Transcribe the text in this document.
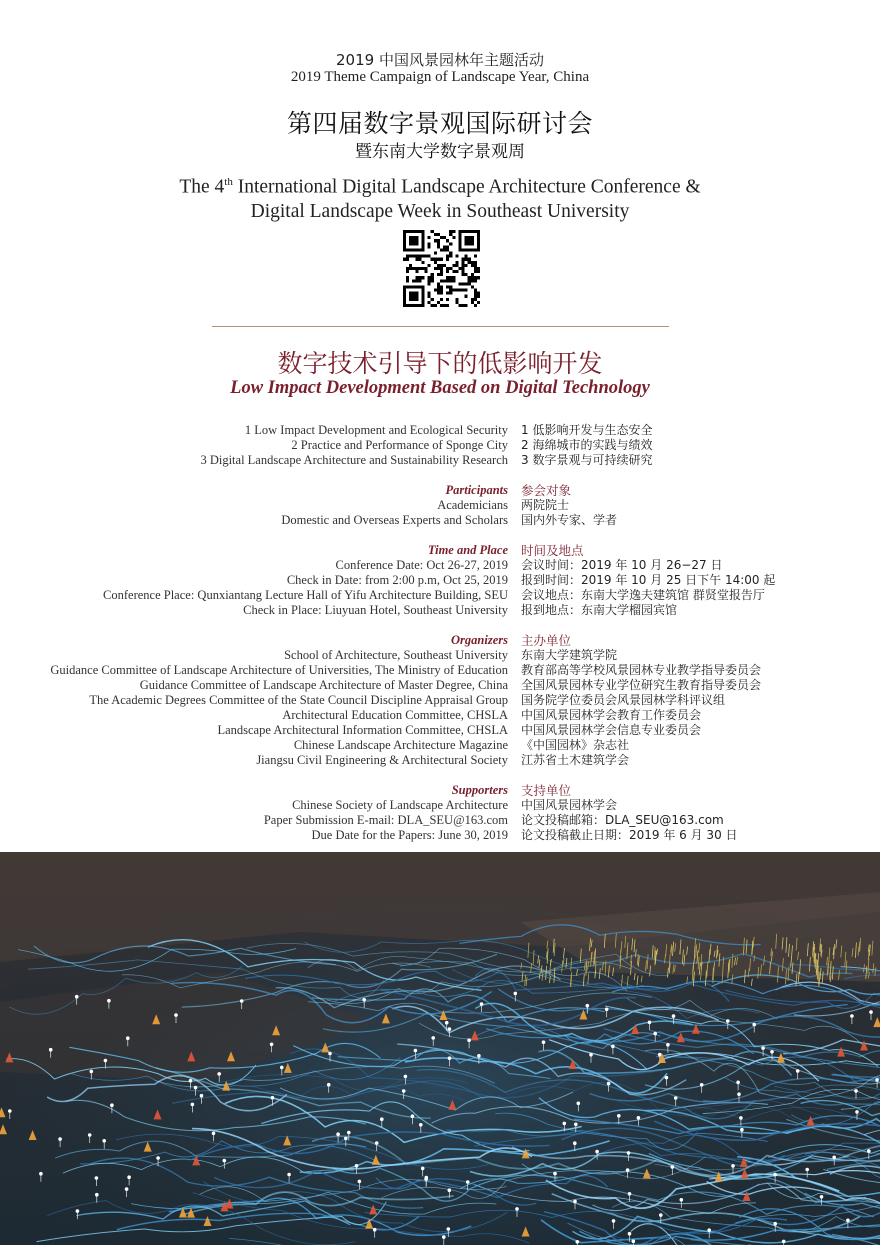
2019 中国风景园林年主题活动
2019 Theme Campaign of Landscape Year, China
第四届数字景观国际研讨会
暨东南大学数字景观周
The 4th International Digital Landscape Architecture Conference &
Digital Landscape Week in Southeast University
数字技术引导下的低影响开发
Low Impact Development Based on Digital Technology
1 Low Impact Development and Ecological Security 1 低影响开发与生态安全
2 Practice and Performance of Sponge City 2 海绵城市的实践与绩效
3 Digital Landscape Architecture and Sustainability Research 3 数字景观与可持续研究
Participants 参会对象
Academicians 两院院士
Domestic and Overseas Experts and Scholars 国内外专家、学者
Time and Place 时间及地点
Conference Date: Oct 26-27, 2019 会议时间：2019 年 10 月 26−27 日
Check in Date: from 2:00 p.m, Oct 25, 2019 报到时间：2019 年 10 月 25 日下午 14:00 起
Conference Place: Qunxiantang Lecture Hall of Yifu Architecture Building, SEU 会议地点：东南大学逸夫建筑馆 群贤堂报告厅
Check in Place: Liuyuan Hotel, Southeast University 报到地点：东南大学榴园宾馆
Organizers 主办单位
School of Architecture, Southeast University 东南大学建筑学院
Guidance Committee of Landscape Architecture of Universities, The Ministry of Education 教育部高等学校风景园林专业教学指导委员会
Guidance Committee of Landscape Architecture of Master Degree, China 全国风景园林专业学位研究生教育指导委员会
The Academic Degrees Committee of the State Council Discipline Appraisal Group 国务院学位委员会风景园林学科评议组
Architectural Education Committee, CHSLA 中国风景园林学会教育工作委员会
Landscape Architectural Information Committee, CHSLA 中国风景园林学会信息专业委员会
Chinese Landscape Architecture Magazine 《中国园林》杂志社
Jiangsu Civil Engineering & Architectural Society 江苏省土木建筑学会
Supporters 支持单位
Chinese Society of Landscape Architecture 中国风景园林学会
Paper Submission E-mail: DLA_SEU@163.com 论文投稿邮箱：DLA_SEU@163.com
Due Date for the Papers: June 30, 2019 论文投稿截止日期：2019 年 6 月 30 日
